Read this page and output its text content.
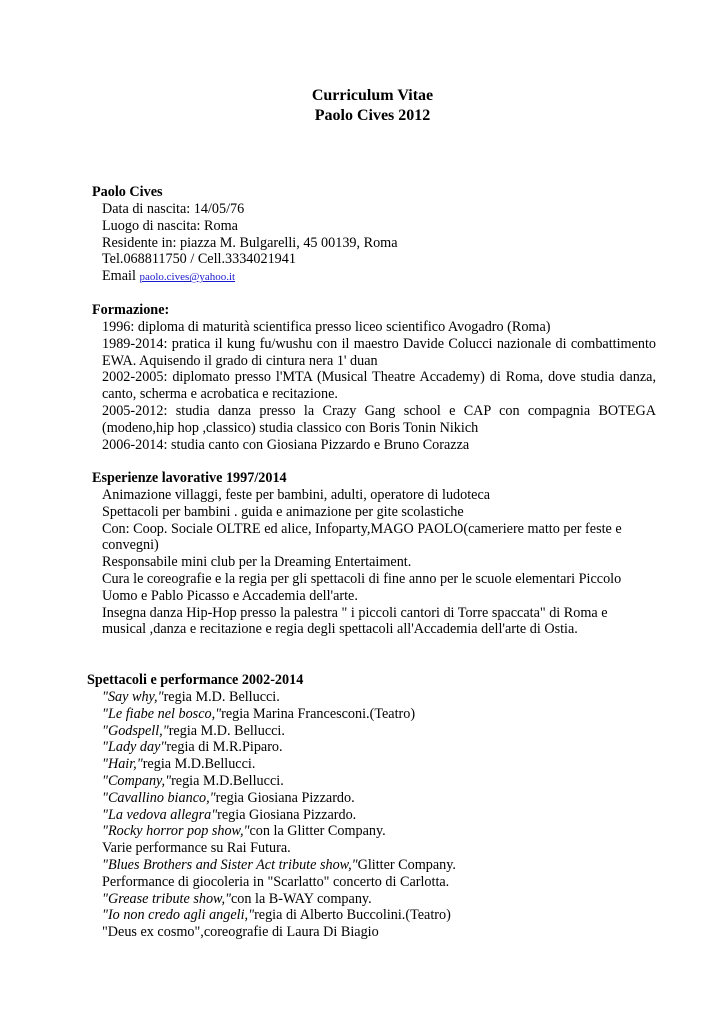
Curriculum Vitae
Paolo Cives 2012
Paolo Cives
Data di nascita: 14/05/76
Luogo di nascita: Roma
Residente in: piazza M. Bulgarelli, 45 00139, Roma
Tel.068811750 / Cell.3334021941
Email paolo.cives@yahoo.it
Formazione:
1996: diploma di maturità scientifica presso liceo scientifico Avogadro (Roma)
1989-2014: pratica il kung fu/wushu con il maestro Davide Colucci nazionale di combattimento EWA. Aquisendo il grado di cintura nera 1' duan
2002-2005: diplomato presso l'MTA (Musical Theatre Accademy) di Roma, dove studia danza, canto, scherma e acrobatica e recitazione.
2005-2012: studia danza presso la Crazy Gang school e CAP con compagnia BOTEGA (modeno,hip hop ,classico) studia classico con Boris Tonin Nikich
2006-2014: studia canto con Giosiana Pizzardo e Bruno Corazza
Esperienze lavorative 1997/2014
Animazione villaggi, feste per bambini, adulti, operatore di ludoteca
Spettacoli per bambini . guida e animazione per gite scolastiche
Con: Coop. Sociale OLTRE ed alice, Infoparty,MAGO PAOLO(cameriere matto per feste e convegni)
Responsabile mini club per la Dreaming Entertaiment.
Cura le coreografie e la regia per gli spettacoli di fine anno per le scuole elementari Piccolo Uomo e Pablo Picasso e Accademia dell'arte.
Insegna danza Hip-Hop presso la palestra " i piccoli cantori di Torre spaccata" di Roma e musical ,danza e recitazione e regia degli spettacoli all'Accademia dell'arte di Ostia.
Spettacoli e performance 2002-2014
"Say why,"regia M.D. Bellucci.
"Le fiabe nel bosco,"regia Marina Francesconi.(Teatro)
"Godspell,"regia M.D. Bellucci.
"Lady day"regia di M.R.Piparo.
"Hair,"regia M.D.Bellucci.
"Company,"regia M.D.Bellucci.
"Cavallino bianco,"regia Giosiana Pizzardo.
"La vedova allegra"regia Giosiana Pizzardo.
"Rocky horror pop show,"con la Glitter Company.
Varie performance su Rai Futura.
"Blues Brothers and Sister Act tribute show,"Glitter Company.
Performance di giocoleria in "Scarlatto" concerto di Carlotta.
"Grease tribute show,"con la B-WAY company.
"Io non credo agli angeli,"regia di Alberto Buccolini.(Teatro)
"Deus ex cosmo",coreografie di Laura Di Biagio
